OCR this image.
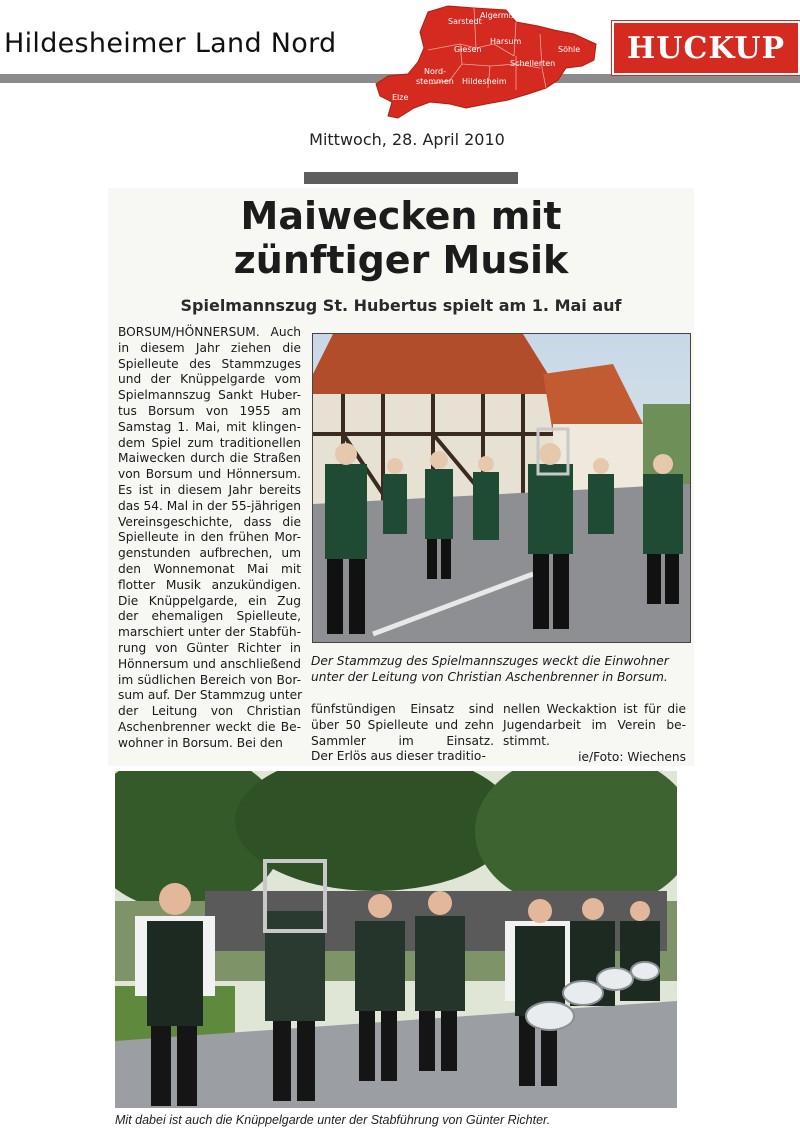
Hildesheimer Land Nord
Sarstedt
Algermissen
Harsum
Giesen	Söhle
Nord-
stemmen
Schellerten
Hildesheim
Elze
HUCKUP
Mittwoch, 28. April 2010
Maiwecken mit
zünftiger Musik
Spielmannszug St. Hubertus spielt am 1. Mai auf
BORSUM/HÖNNERSUM. Auch
in diesem Jahr ziehen die
Spielleute des Stammzuges
und der Knüppelgarde vom
Spielmannszug Sankt Huber-
tus Borsum von 1955 am
Samstag 1. Mai, mit klingen-
dem Spiel zum traditionellen
Maiwecken durch die Straßen
von Borsum und Hönnersum.
Es ist in diesem Jahr bereits
das 54. Mal in der 55-jährigen
Vereinsgeschichte, dass die
Spielleute in den frühen Mor-
genstunden aufbrechen, um
den Wonnemonat Mai mit
flotter Musik anzukündigen.
Die Knüppelgarde, ein Zug
der ehemaligen Spielleute,
marschiert unter der Stabfüh-
rung von Günter Richter in
Hönnersum und anschließend
im südlichen Bereich von Bor-
sum auf. Der Stammzug unter
der Leitung von Christian
Aschenbrenner weckt die Be-
wohner in Borsum. Bei den
Der Stammzug des Spielmannszuges weckt die Einwohner
unter der Leitung von Christian Aschenbrenner in Borsum.
fünfstündigen Einsatz sind
über 50 Spielleute und zehn
Sammler im Einsatz.
Der Erlös aus dieser traditio-
nellen Weckaktion ist für die
Jugendarbeit im Verein be-
stimmt.
ie/Foto: Wiechens
Mit dabei ist auch die Knüppelgarde unter der Stabführung von Günter Richter.
